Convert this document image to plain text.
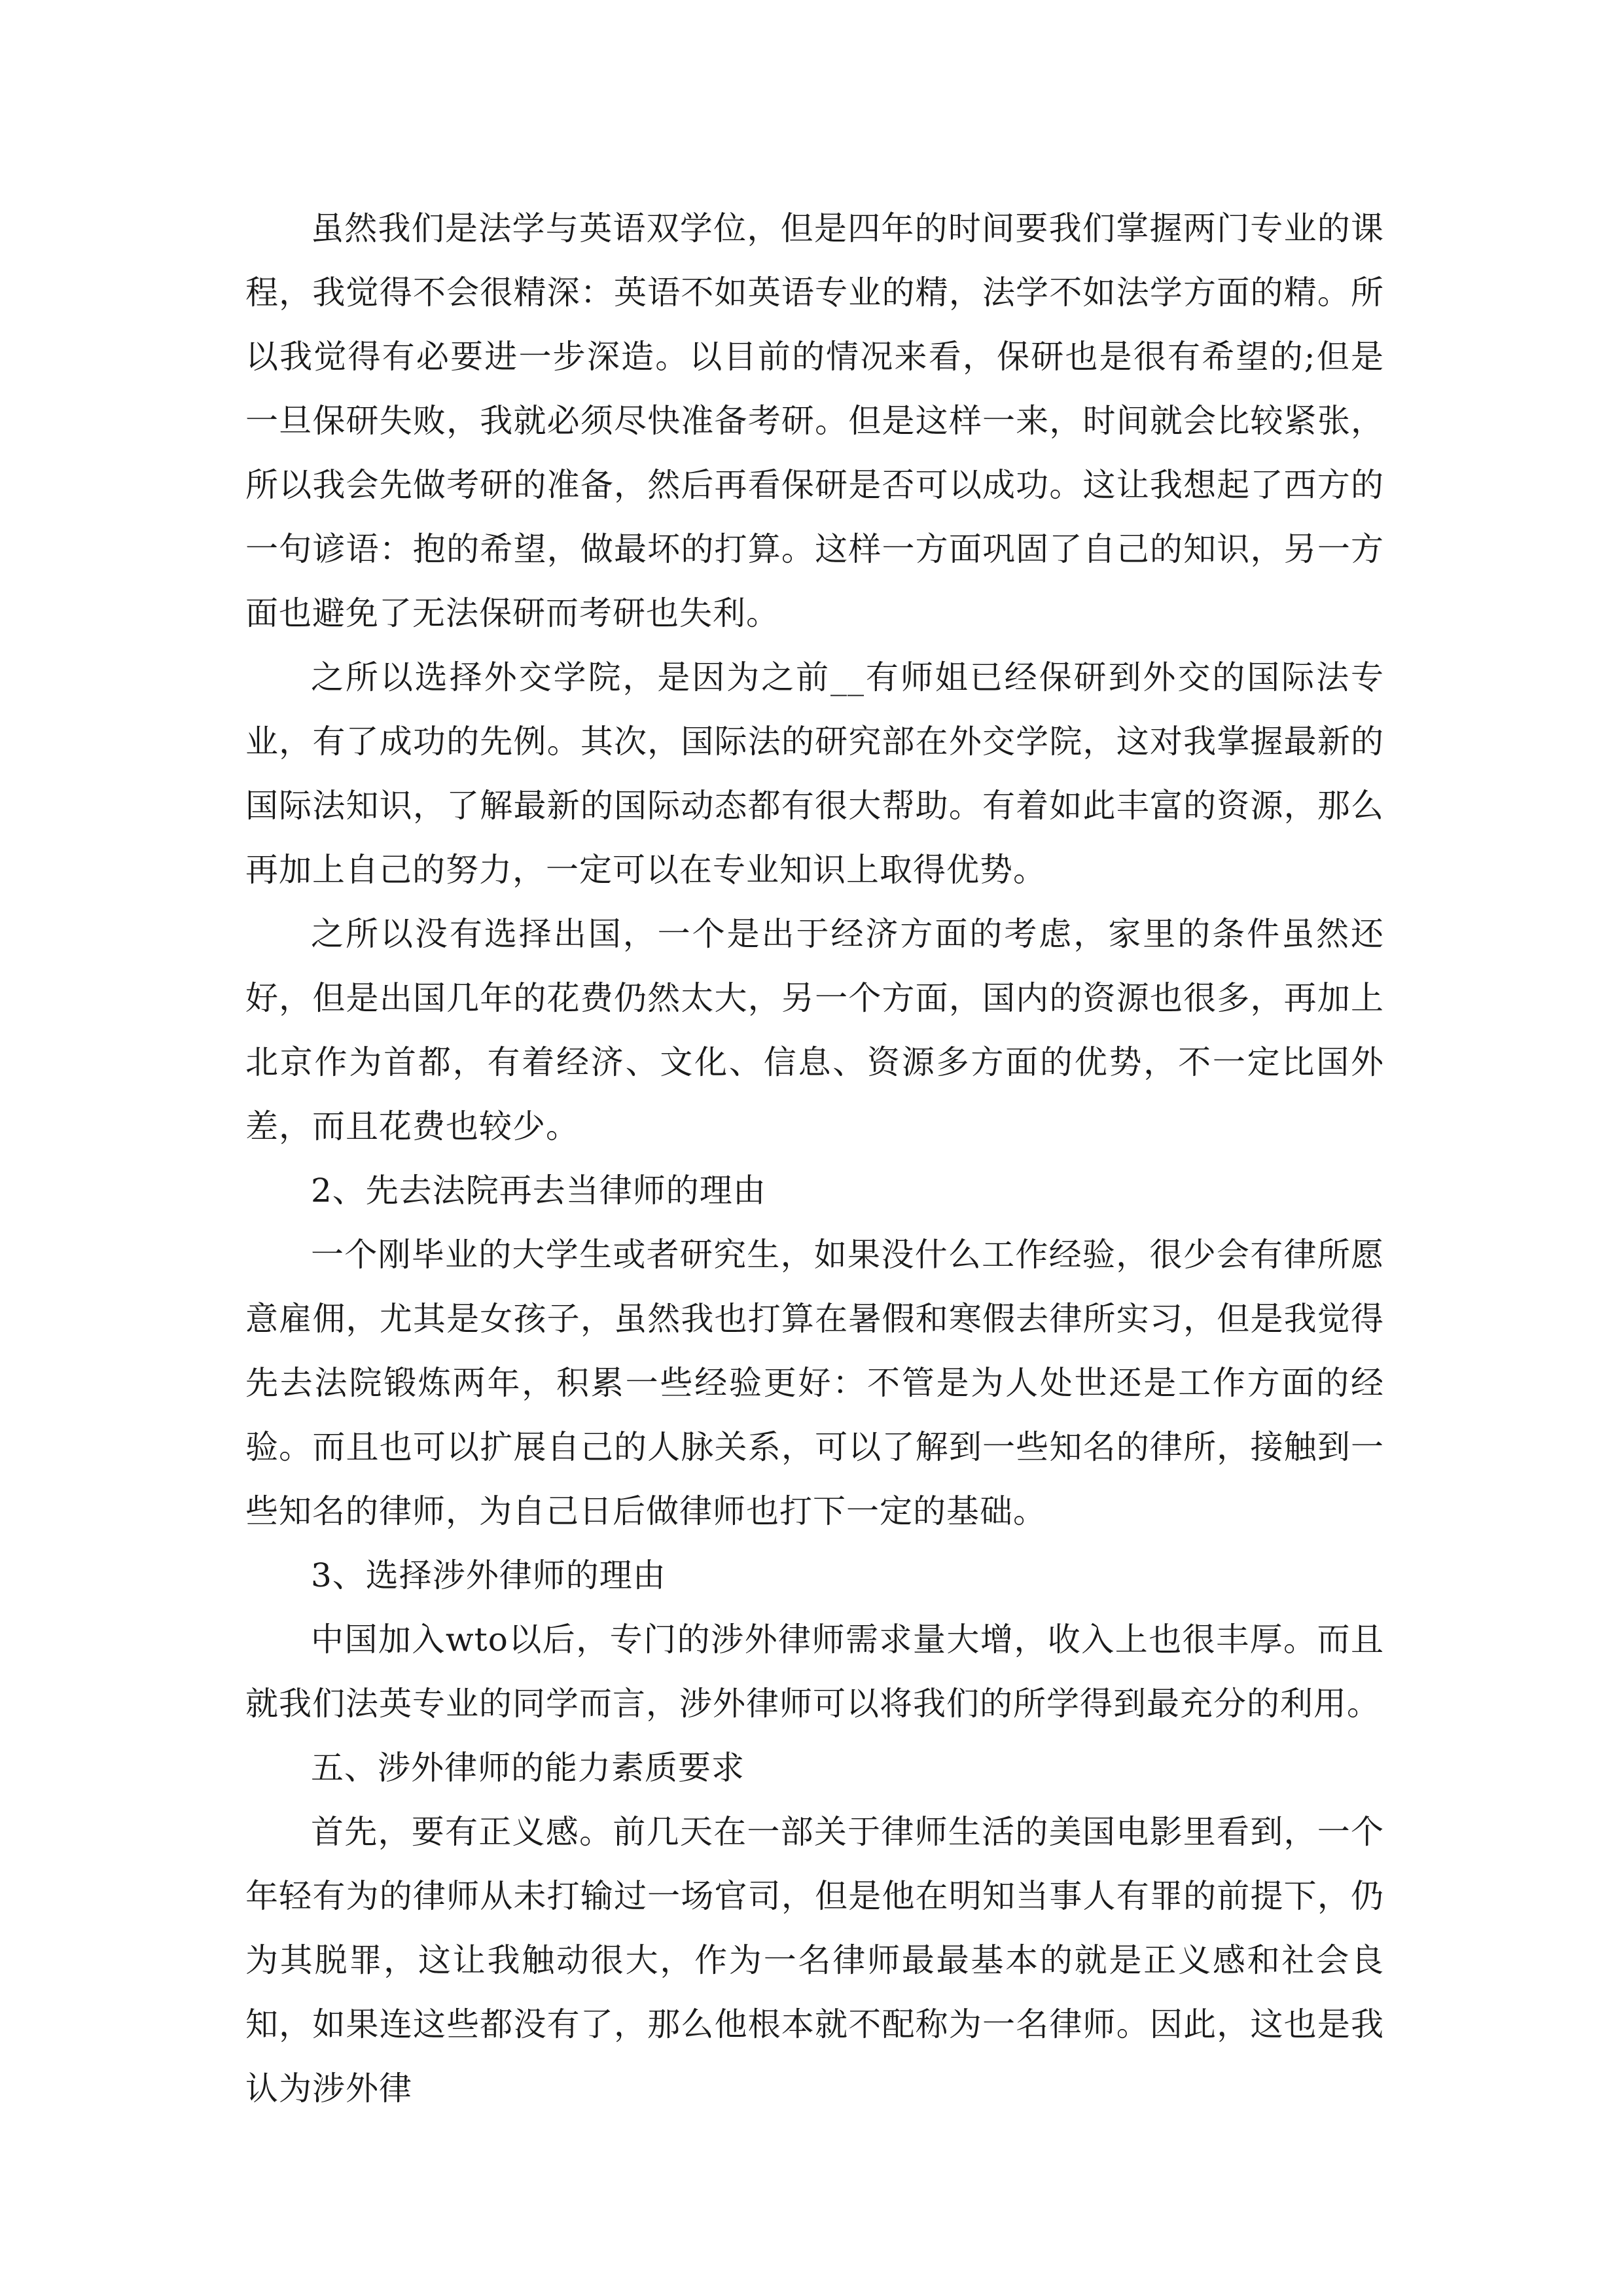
虽然我们是法学与英语双学位，但是四年的时间要我们掌握两门专业的课程，我觉得不会很精深：英语不如英语专业的精，法学不如法学方面的精。所以我觉得有必要进一步深造。以目前的情况来看，保研也是很有希望的;但是一旦保研失败，我就必须尽快准备考研。但是这样一来，时间就会比较紧张，所以我会先做考研的准备，然后再看保研是否可以成功。这让我想起了西方的一句谚语：抱的希望，做最坏的打算。这样一方面巩固了自己的知识，另一方面也避免了无法保研而考研也失利。

之所以选择外交学院，是因为之前__有师姐已经保研到外交的国际法专业，有了成功的先例。其次，国际法的研究部在外交学院，这对我掌握最新的国际法知识，了解最新的国际动态都有很大帮助。有着如此丰富的资源，那么再加上自己的努力，一定可以在专业知识上取得优势。

之所以没有选择出国，一个是出于经济方面的考虑，家里的条件虽然还好，但是出国几年的花费仍然太大，另一个方面，国内的资源也很多，再加上北京作为首都，有着经济、文化、信息、资源多方面的优势，不一定比国外差，而且花费也较少。

2、先去法院再去当律师的理由

一个刚毕业的大学生或者研究生，如果没什么工作经验，很少会有律所愿意雇佣，尤其是女孩子，虽然我也打算在暑假和寒假去律所实习，但是我觉得先去法院锻炼两年，积累一些经验更好：不管是为人处世还是工作方面的经验。而且也可以扩展自己的人脉关系，可以了解到一些知名的律所，接触到一些知名的律师，为自己日后做律师也打下一定的基础。

3、选择涉外律师的理由

中国加入wto以后，专门的涉外律师需求量大增，收入上也很丰厚。而且就我们法英专业的同学而言，涉外律师可以将我们的所学得到最充分的利用。

五、涉外律师的能力素质要求

首先，要有正义感。前几天在一部关于律师生活的美国电影里看到，一个年轻有为的律师从未打输过一场官司，但是他在明知当事人有罪的前提下，仍为其脱罪，这让我触动很大，作为一名律师最最基本的就是正义感和社会良知，如果连这些都没有了，那么他根本就不配称为一名律师。因此，这也是我认为涉外律
